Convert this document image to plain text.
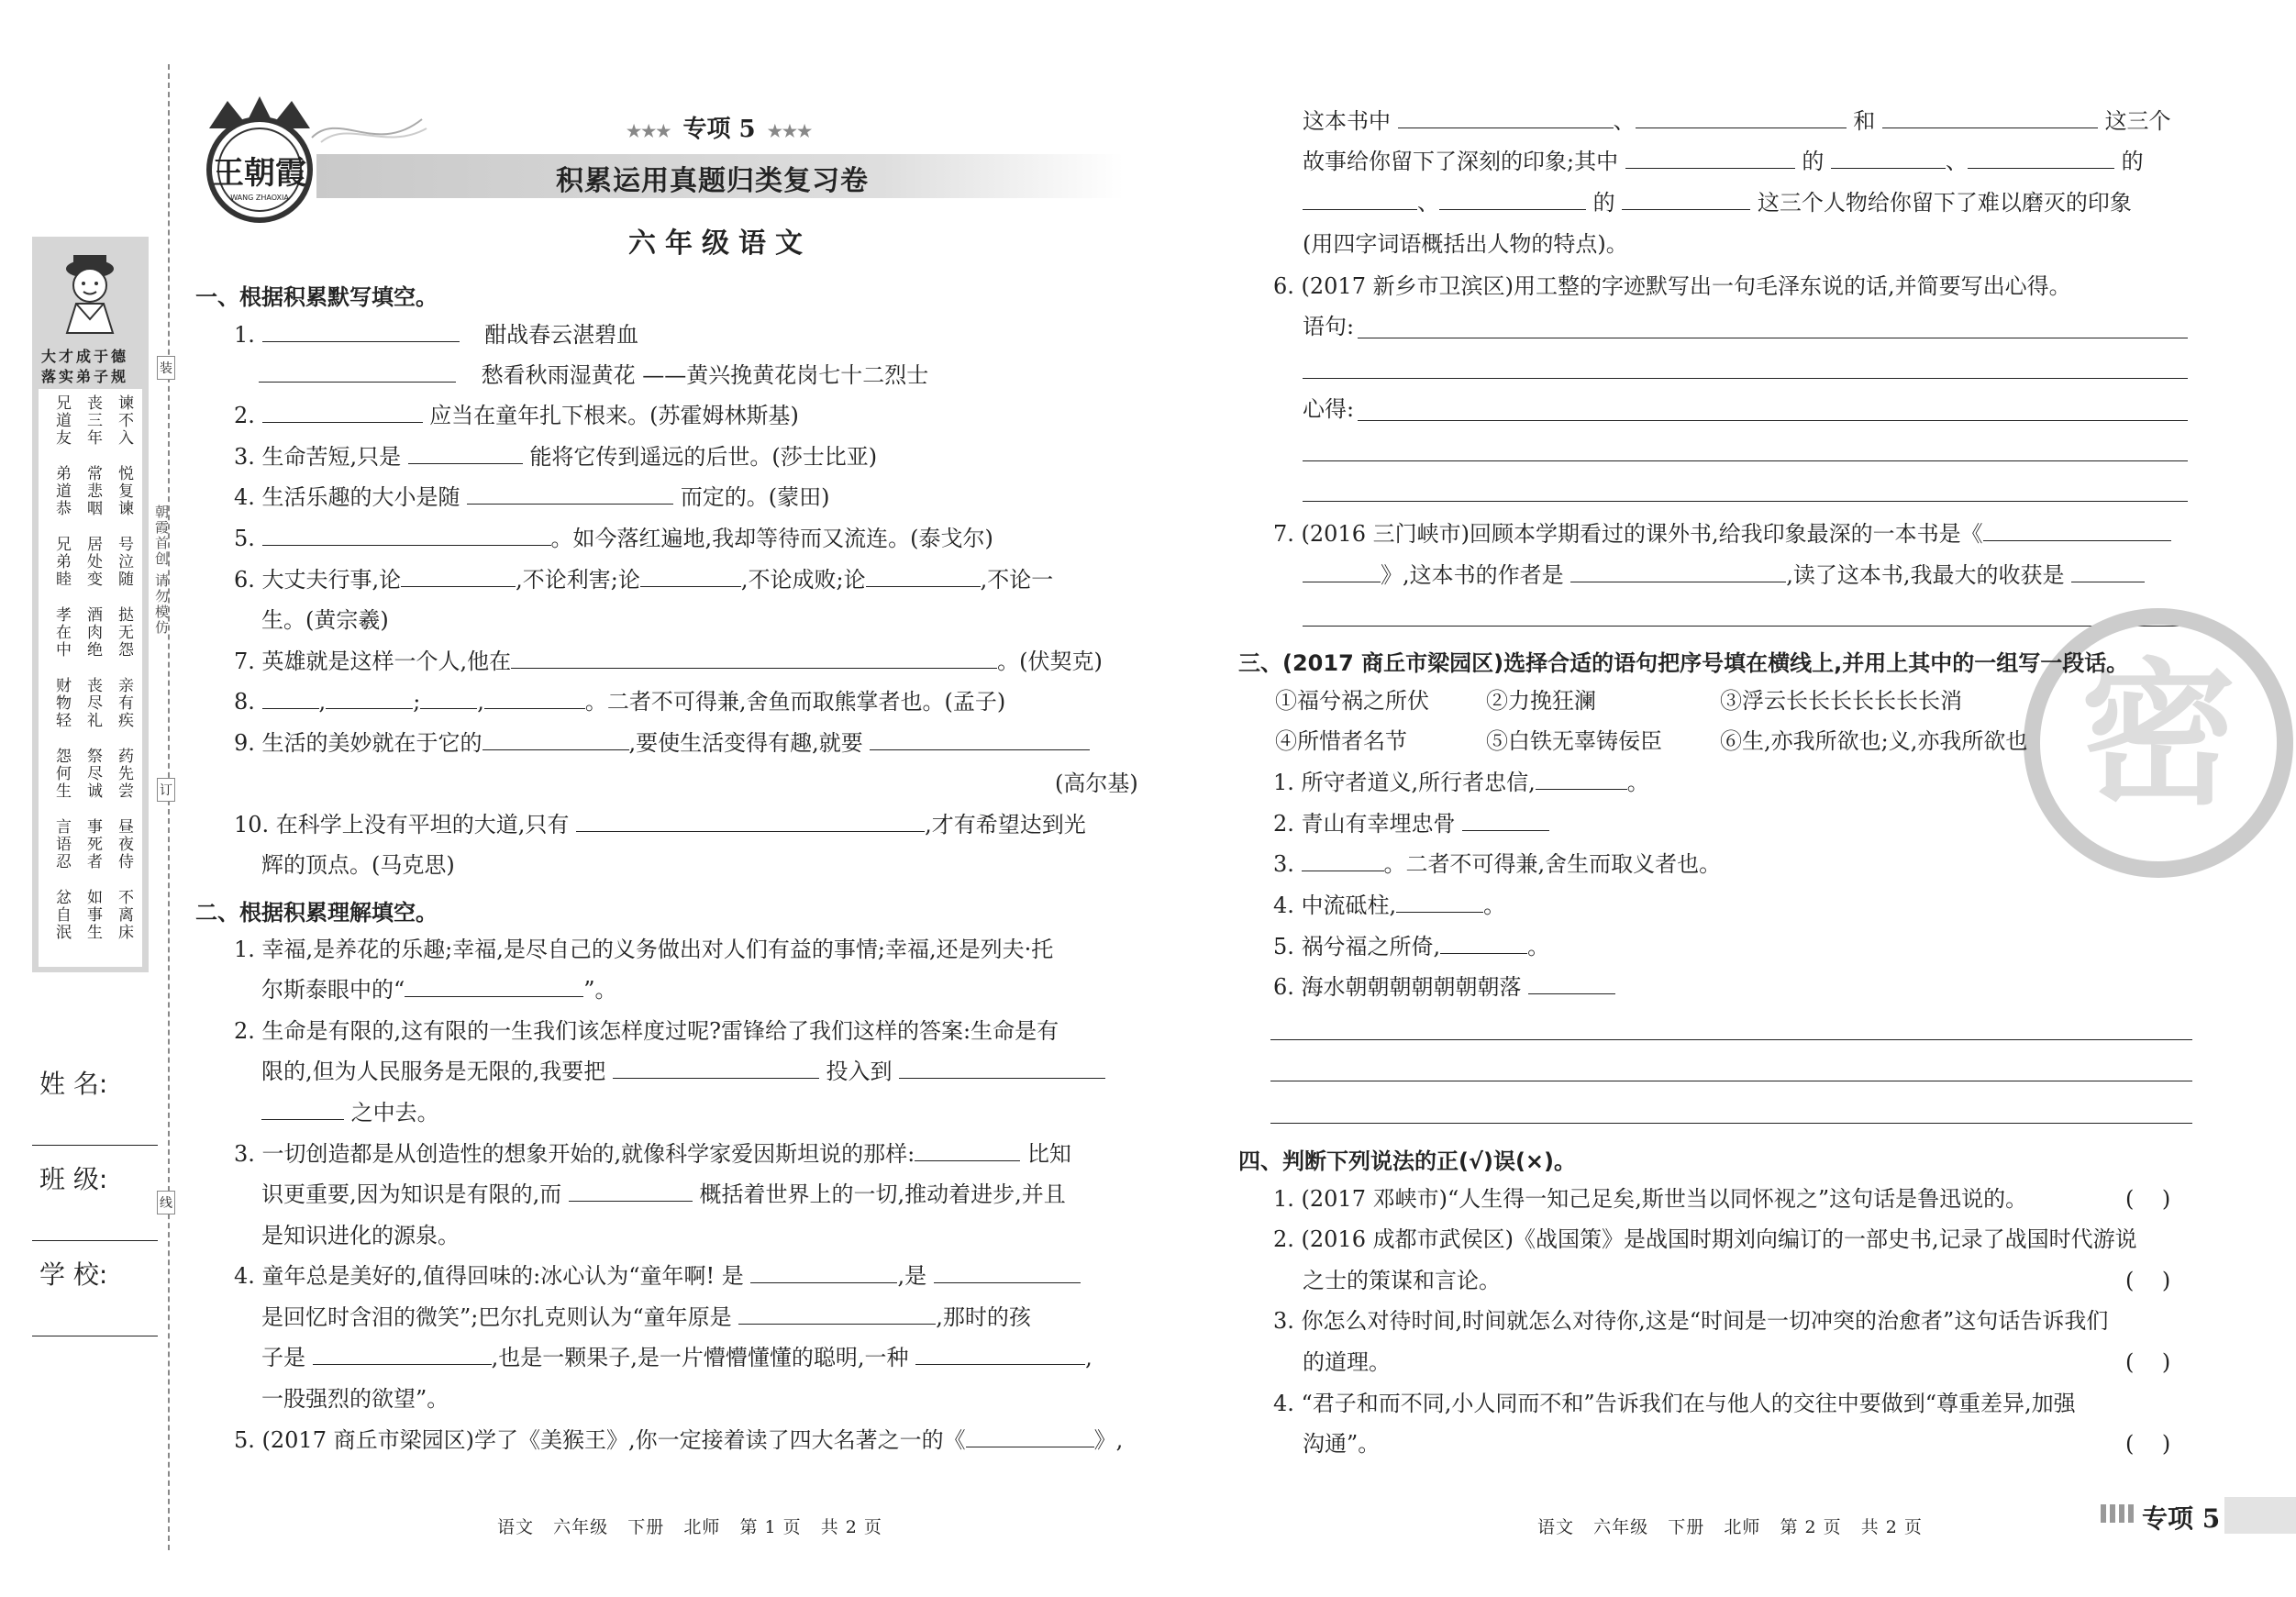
装
订
线
朝霞首创 请勿模仿
大才成于德
落实弟子规
谏不入
丧三年
兄道友
悦复谏
常悲咽
弟道恭
号泣随
居处变
兄弟睦
挞无怨
酒肉绝
孝在中
亲有疾
丧尽礼
财物轻
药先尝
祭尽诚
怨何生
昼夜侍
事死者
言语忍
不离床
如事生
忿自泯
姓 名:
班 级:
学 校:
王朝霞
WANG ZHAOXIA
★★★ 专项 5 ★★★
积累运用真题归类复习卷
六年级语文
一、根据积累默写填空。
1.	酣战春云湛碧血
愁看秋雨湿黄花 ——黄兴挽黄花岗七十二烈士
2.	应当在童年扎下根来。(苏霍姆林斯基)
3. 生命苦短,只是	能将它传到遥远的后世。(莎士比亚)
4. 生活乐趣的大小是随	而定的。(蒙田)
5.	。如今落红遍地,我却等待而又流连。(泰戈尔)
6. 大丈夫行事,论	,不论利害;论	,不论成败;论	,不论一
生。(黄宗羲)
7. 英雄就是这样一个人,他在	。(伏契克)
8.	,	;	,	。二者不可得兼,舍鱼而取熊掌者也。(孟子)
9. 生活的美妙就在于它的	,要使生活变得有趣,就要
(高尔基)
10. 在科学上没有平坦的大道,只有	,才有希望达到光
辉的顶点。(马克思)
二、根据积累理解填空。
1. 幸福,是养花的乐趣;幸福,是尽自己的义务做出对人们有益的事情;幸福,还是列夫·托
尔斯泰眼中的“	”。
2. 生命是有限的,这有限的一生我们该怎样度过呢?雷锋给了我们这样的答案:生命是有
限的,但为人民服务是无限的,我要把	投入到
之中去。
3. 一切创造都是从创造性的想象开始的,就像科学家爱因斯坦说的那样:	比知
识更重要,因为知识是有限的,而	概括着世界上的一切,推动着进步,并且
是知识进化的源泉。
4. 童年总是美好的,值得回味的:冰心认为“童年啊! 是	,是
是回忆时含泪的微笑”;巴尔扎克则认为“童年原是	,那时的孩
子是	,也是一颗果子,是一片懵懵懂懂的聪明,一种	,
一股强烈的欲望”。
5. (2017 商丘市梁园区)学了《美猴王》,你一定接着读了四大名著之一的《	》,
语文   六年级   下册   北师   第 1 页   共 2 页
这本书中	、	和	这三个
故事给你留下了深刻的印象;其中	的	、	的
、	的	这三个人物给你留下了难以磨灭的印象
(用四字词语概括出人物的特点)。
6. (2017 新乡市卫滨区)用工整的字迹默写出一句毛泽东说的话,并简要写出心得。
语句:
心得:
7. (2016 三门峡市)回顾本学期看过的课外书,给我印象最深的一本书是《
》,这本书的作者是	,读了这本书,我最大的收获是
。
密
三、(2017 商丘市梁园区)选择合适的语句把序号填在横线上,并用上其中的一组写一段话。
①福兮祸之所伏	②力挽狂澜	③浮云长长长长长长长消
④所惜者名节	⑤白铁无辜铸佞臣	⑥生,亦我所欲也;义,亦我所欲也
1. 所守者道义,所行者忠信,	。
2. 青山有幸埋忠骨
3.	。二者不可得兼,舍生而取义者也。
4. 中流砥柱,	。
5. 祸兮福之所倚,	。
6. 海水朝朝朝朝朝朝朝落
四、判断下列说法的正(√)误(×)。
1. (2017 邓峡市)“人生得一知己足矣,斯世当以同怀视之”这句话是鲁迅说的。	(    )
2. (2016 成都市武侯区)《战国策》是战国时期刘向编订的一部史书,记录了战国时代游说
之士的策谋和言论。	(    )
3. 你怎么对待时间,时间就怎么对待你,这是“时间是一切冲突的治愈者”这句话告诉我们
的道理。	(    )
4. “君子和而不同,小人同而不和”告诉我们在与他人的交往中要做到“尊重差异,加强
沟通”。	(    )
语文   六年级   下册   北师   第 2 页   共 2 页	专项 5
